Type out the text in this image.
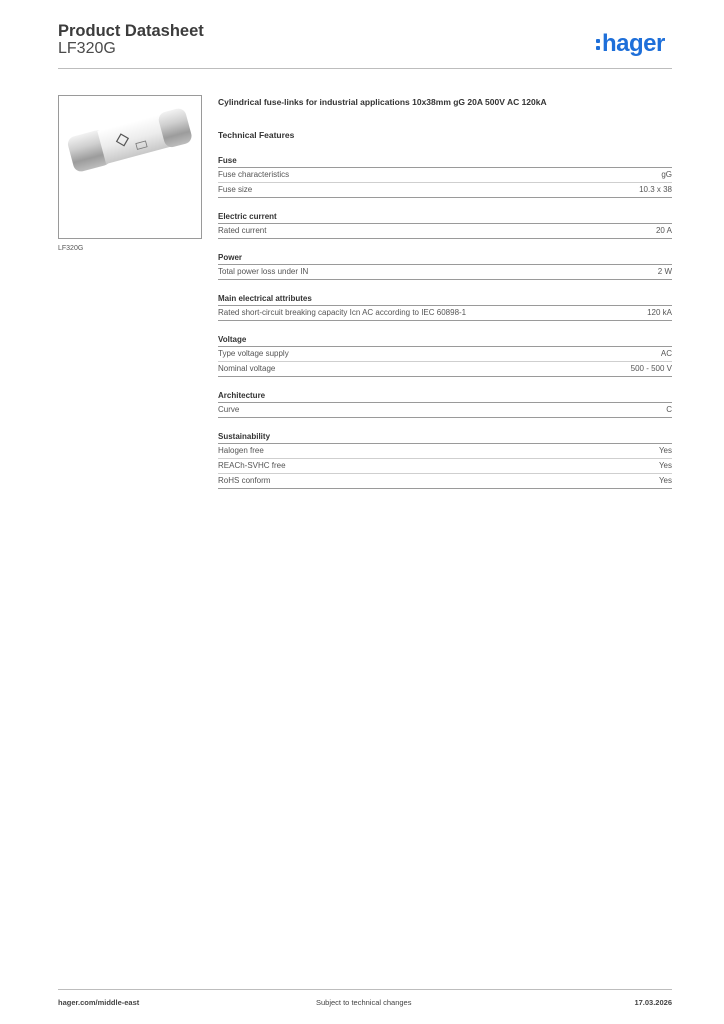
Product Datasheet
LF320G	hager
LF320G
Cylindrical fuse-links for industrial applications 10x38mm gG 20A 500V AC 120kA
Technical Features
Fuse
Fuse characteristics	gG
Fuse size	10.3 x 38
Electric current
Rated current	20 A
Power
Total power loss under IN	2 W
Main electrical attributes
Rated short-circuit breaking capacity Icn AC according to IEC 60898-1	120 kA
Voltage
Type voltage supply	AC
Nominal voltage	500 - 500 V
Architecture
Curve	C
Sustainability
Halogen free	Yes
REACh-SVHC free	Yes
RoHS conform	Yes
hager.com/middle-east	Subject to technical changes	17.03.2026
